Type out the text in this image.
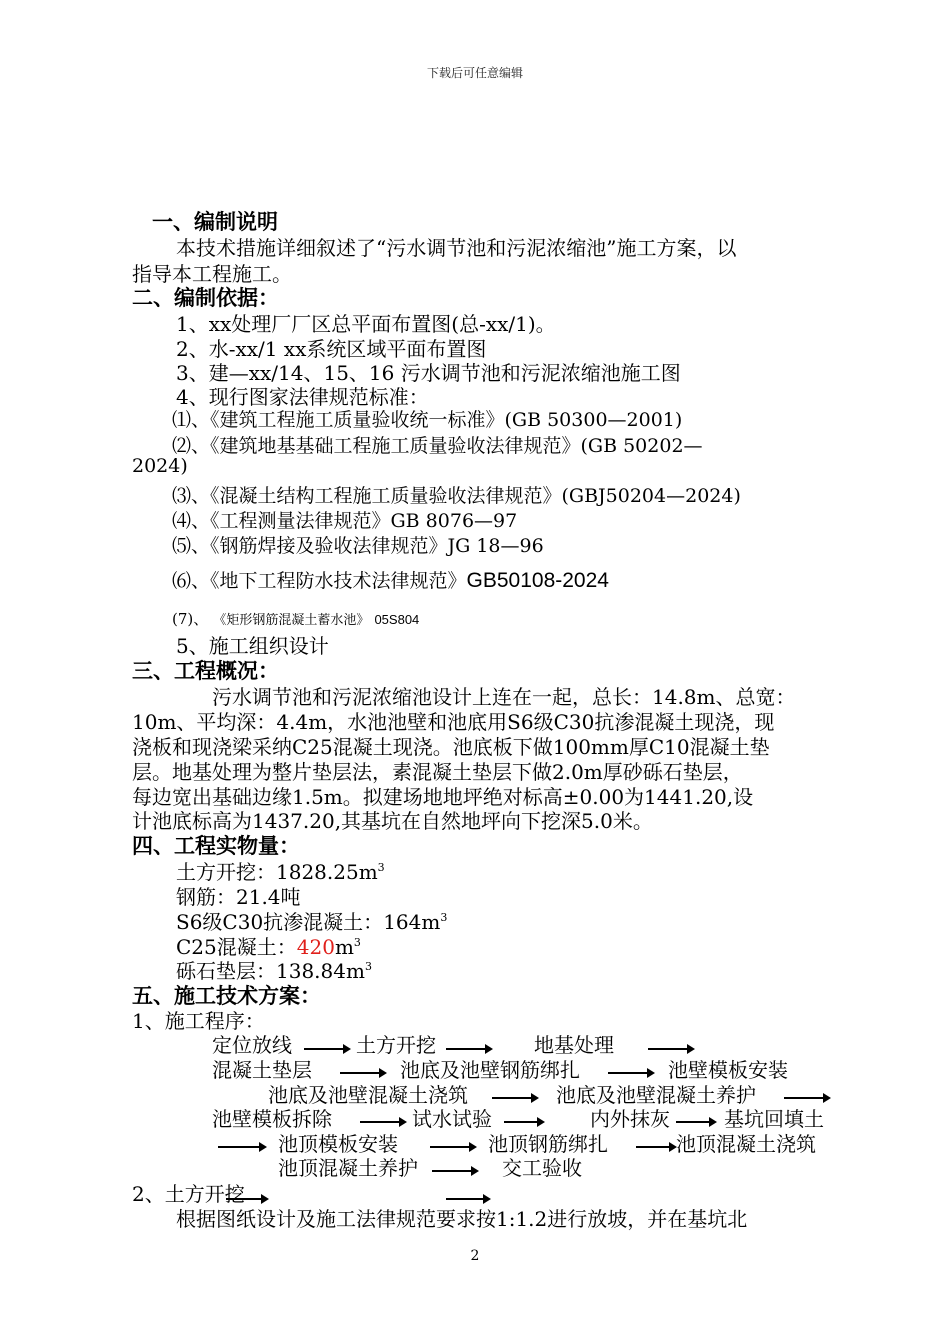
下载后可任意编辑
一、编制说明
本技术措施详细叙述了“污水调节池和污泥浓缩池”施工方案，以
指导本工程施工。
二、编制依据：
1、xx处理厂厂区总平面布置图(总-xx/1)。
2、水-xx/1 xx系统区域平面布置图
3、建—xx/14、15、16 污水调节池和污泥浓缩池施工图
4、现行图家法律规范标准：
⑴、《建筑工程施工质量验收统一标准》(GB 50300—2001)
⑵、《建筑地基基础工程施工质量验收法律规范》(GB 50202—
2024)
⑶、《混凝土结构工程施工质量验收法律规范》(GBJ50204—2024)
⑷、《工程测量法律规范》GB 8076—97
⑸、《钢筋焊接及验收法律规范》JG 18—96
⑹、《地下工程防水技术法律规范》GB50108-2024
(7)、 《矩形钢筋混凝土蓄水池》 05S804
5、施工组织设计
三、工程概况：
污水调节池和污泥浓缩池设计上连在一起，总长：14.8m、总宽：
10m、平均深：4.4m，水池池壁和池底用S6级C30抗渗混凝土现浇，现
浇板和现浇梁采纳C25混凝土现浇。池底板下做100mm厚C10混凝土垫
层。地基处理为整片垫层法，素混凝土垫层下做2.0m厚砂砾石垫层，
每边宽出基础边缘1.5m。拟建场地地坪绝对标高±0.00为1441.20,设
计池底标高为1437.20,其基坑在自然地坪向下挖深5.0米。
四、工程实物量：
土方开挖：$1828.25m^3$
钢筋：21.4吨
S6级C30抗渗混凝土：$164m^3$
C25混凝土：$420m^3$
砾石垫层：$138.84m^3$
五、施工技术方案：
1、施工程序：
定位放线	土方开挖	地基处理
混凝土垫层	池底及池壁钢筋绑扎	池壁模板安装
池底及池壁混凝土浇筑	池底及池壁混凝土养护
池壁模板拆除	试水试验	内外抹灰	基坑回填土
池顶模板安装	池顶钢筋绑扎	池顶混凝土浇筑
池顶混凝土养护	交工验收
2、土方开挖
根据图纸设计及施工法律规范要求按1:1.2进行放坡，并在基坑北
2
